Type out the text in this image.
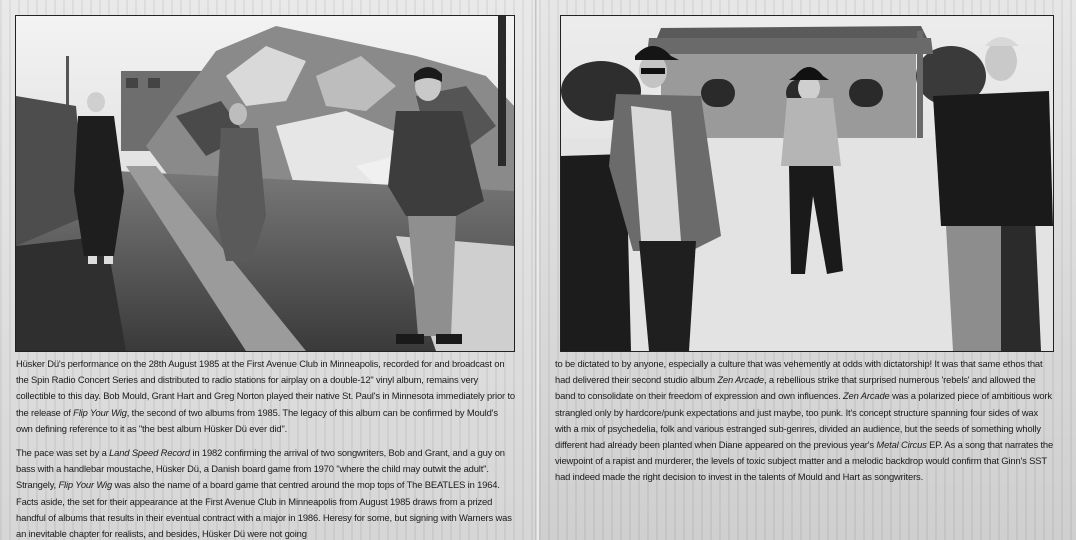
Hüsker Dü's performance on the 28th August 1985 at the First Avenue Club in Minneapolis, recorded for and broadcast on the Spin Radio Concert Series and distributed to radio stations for airplay on a double-12" vinyl album, remains very collectible to this day. Bob Mould, Grant Hart and Greg Norton played their native St. Paul's in Minnesota immediately prior to the release of Flip Your Wig, the second of two albums from 1985. The legacy of this album can be confirmed by Mould's own defining reference to it as "the best album Hüsker Dü ever did".

The pace was set by a Land Speed Record in 1982 confirming the arrival of two songwriters, Bob and Grant, and a guy on bass with a handlebar moustache, Hüsker Dü, a Danish board game from 1970 "where the child may outwit the adult". Strangely, Flip Your Wig was also the name of a board game that centred around the mop tops of The BEATLES in 1964. Facts aside, the set for their appearance at the First Avenue Club in Minneapolis from August 1985 draws from a prized handful of albums that results in their eventual contract with a major in 1986. Heresy for some, but signing with Warners was an inevitable chapter for realists, and besides, Hüsker Dü were not going

to be dictated to by anyone, especially a culture that was vehemently at odds with dictatorship! It was that same ethos that had delivered their second studio album Zen Arcade, a rebellious strike that surprised numerous 'rebels' and allowed the band to consolidate on their freedom of expression and own influences. Zen Arcade was a polarized piece of ambitious work strangled only by hardcore/punk expectations and just maybe, too punk. It's concept structure spanning four sides of wax with a mix of psychedelia, folk and various estranged sub-genres, divided an audience, but the seeds of something wholly different had already been planted when Diane appeared on the previous year's Metal Circus EP. As a song that narrates the viewpoint of a rapist and murderer, the levels of toxic subject matter and a melodic backdrop would confirm that Ginn's SST had indeed made the right decision to invest in the talents of Mould and Hart as songwriters.
